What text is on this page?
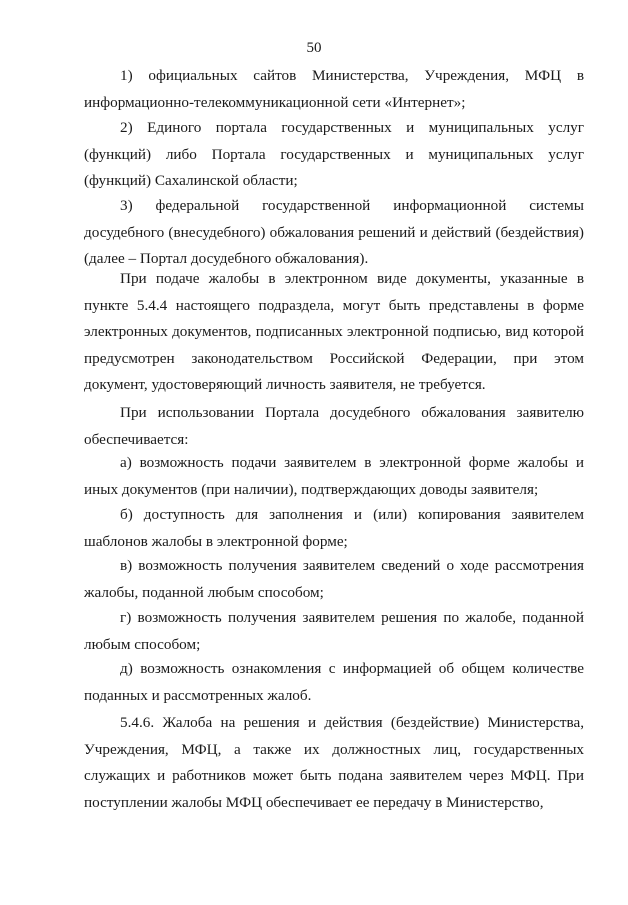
50

1) официальных сайтов Министерства, Учреждения, МФЦ в информационно-телекоммуникационной сети «Интернет»;

2) Единого портала государственных и муниципальных услуг (функций) либо Портала государственных и муниципальных услуг (функций) Сахалинской области;

3) федеральной государственной информационной системы досудебного (внесудебного) обжалования решений и действий (бездействия) (далее – Портал досудебного обжалования).

При подаче жалобы в электронном виде документы, указанные в пункте 5.4.4 настоящего подраздела, могут быть представлены в форме электронных документов, подписанных электронной подписью, вид которой предусмотрен законодательством Российской Федерации, при этом документ, удостоверяющий личность заявителя, не требуется.

При использовании Портала досудебного обжалования заявителю обеспечивается:

а) возможность подачи заявителем в электронной форме жалобы и иных документов (при наличии), подтверждающих доводы заявителя;

б) доступность для заполнения и (или) копирования заявителем шаблонов жалобы в электронной форме;

в) возможность получения заявителем сведений о ходе рассмотрения жалобы, поданной любым способом;

г) возможность получения заявителем решения по жалобе, поданной любым способом;

д) возможность ознакомления с информацией об общем количестве поданных и рассмотренных жалоб.

5.4.6. Жалоба на решения и действия (бездействие) Министерства, Учреждения, МФЦ, а также их должностных лиц, государственных служащих и работников может быть подана заявителем через МФЦ. При поступлении жалобы МФЦ обеспечивает ее передачу в Министерство,
